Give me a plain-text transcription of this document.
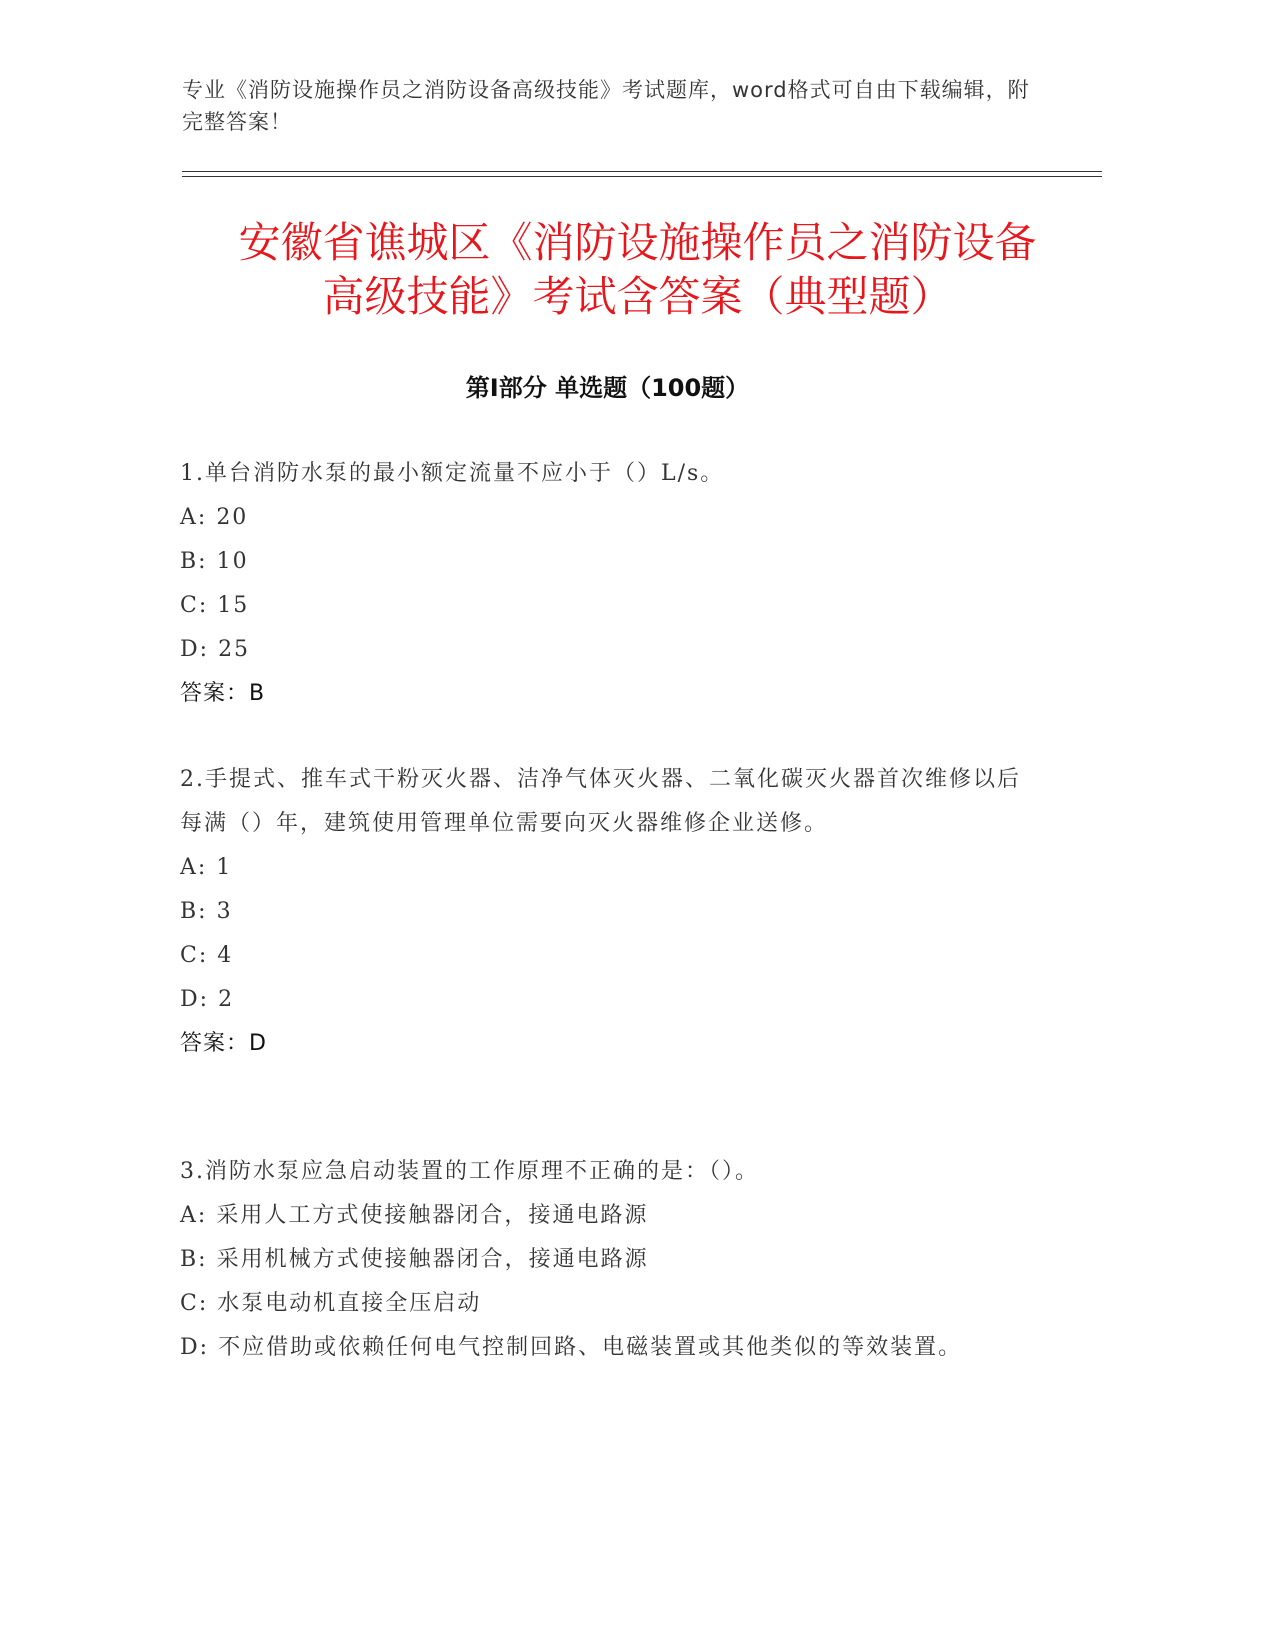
专业《消防设施操作员之消防设备高级技能》考试题库，word格式可自由下载编辑，附完整答案！
安徽省谯城区《消防设施操作员之消防设备
高级技能》考试含答案（典型题）
第Ⅰ部分 单选题（100题）
1.单台消防水泵的最小额定流量不应小于（）L/s。
A: 20
B: 10
C: 15
D: 25
答案：B
2.手提式、推车式干粉灭火器、洁净气体灭火器、二氧化碳灭火器首次维修以后每满（）年，建筑使用管理单位需要向灭火器维修企业送修。
A: 1
B: 3
C: 4
D: 2
答案：D
3.消防水泵应急启动装置的工作原理不正确的是：（）。
A: 采用人工方式使接触器闭合，接通电路源
B: 采用机械方式使接触器闭合，接通电路源
C: 水泵电动机直接全压启动
D: 不应借助或依赖任何电气控制回路、电磁装置或其他类似的等效装置。
